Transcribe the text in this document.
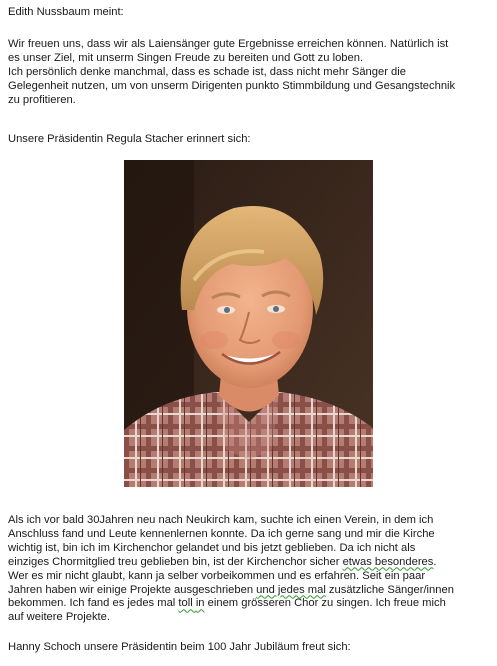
Edith Nussbaum meint:

Wir freuen uns, dass wir als Laiensänger gute Ergebnisse erreichen können. Natürlich ist
es unser Ziel, mit unserm Singen Freude zu bereiten und Gott zu loben.
Ich persönlich denke manchmal, dass es schade ist, dass nicht mehr Sänger die
Gelegenheit nutzen, um von unserm Dirigenten punkto Stimmbildung und Gesangstechnik
zu profitieren.

Unsere Präsidentin Regula Stacher erinnert sich:

Als ich vor bald 30Jahren neu nach Neukirch kam, suchte ich einen Verein, in dem ich
Anschluss fand und Leute kennenlernen konnte. Da ich gerne sang und mir die Kirche
wichtig ist, bin ich im Kirchenchor gelandet und bis jetzt geblieben. Da ich nicht als
einziges Chormitglied treu geblieben bin, ist der Kirchenchor sicher etwas besonderes.
Wer es mir nicht glaubt, kann ja selber vorbeikommen und es erfahren. Seit ein paar
Jahren haben wir einige Projekte ausgeschrieben und jedes mal zusätzliche Sänger/innen
bekommen. Ich fand es jedes mal toll in einem grösseren Chor zu singen. Ich freue mich
auf weitere Projekte.

Hanny Schoch unsere Präsidentin beim 100 Jahr Jubiläum freut sich:
